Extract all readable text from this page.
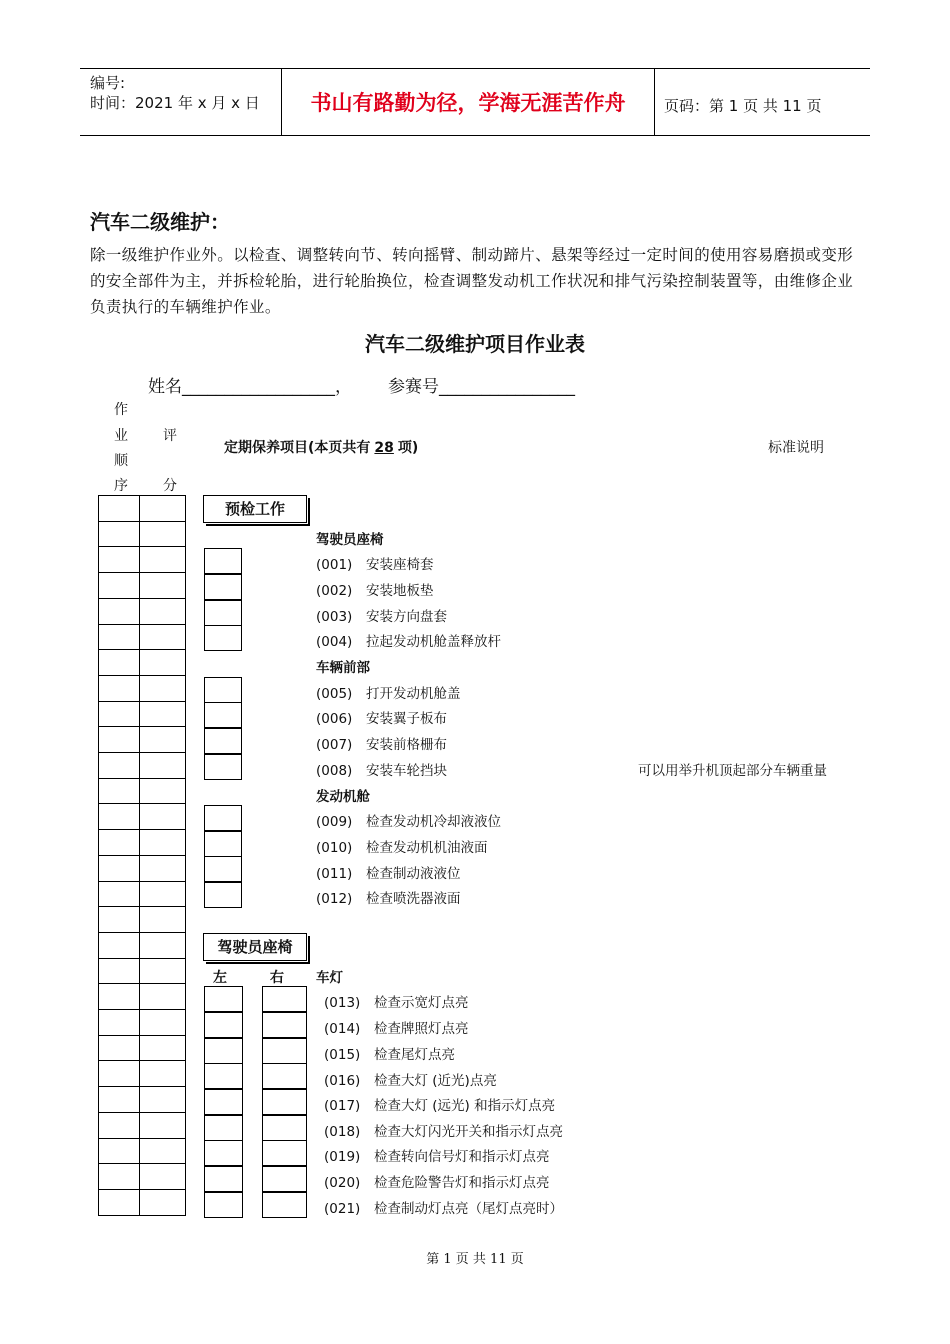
编号:
时间：2021 年 x 月 x 日	书山有路勤为径，学海无涯苦作舟	页码：第 1 页 共 11 页
汽车二级维护：
除一级维护作业外。以检查、调整转向节、转向摇臂、制动蹄片、悬架等经过一定时间的使用容易磨损或变形的安全部件为主，并拆检轮胎，进行轮胎换位，检查调整发动机工作状况和排气污染控制装置等，由维修企业负责执行的车辆维护作业。
汽车二级维护项目作业表
姓名__________________， 参赛号________________
作
业
顺
序
评
分
定期保养项目(本页共有 28 项)	标准说明
预检工作
驾驶员座椅
(001) 安装座椅套
(002) 安装地板垫
(003) 安装方向盘套
(004) 拉起发动机舱盖释放杆
车辆前部
(005) 打开发动机舱盖
(006) 安装翼子板布
(007) 安装前格栅布
(008) 安装车轮挡块	可以用举升机顶起部分车辆重量
发动机舱
(009) 检查发动机冷却液液位
(010) 检查发动机机油液面
(011) 检查制动液液位
(012) 检查喷洗器液面
驾驶员座椅
左	右 车灯
(013) 检查示宽灯点亮
(014) 检查牌照灯点亮
(015) 检查尾灯点亮
(016) 检查大灯 (近光)点亮
(017) 检查大灯 (远光) 和指示灯点亮
(018) 检查大灯闪光开关和指示灯点亮
(019) 检查转向信号灯和指示灯点亮
(020) 检查危险警告灯和指示灯点亮
(021) 检查制动灯点亮（尾灯点亮时）
第 1 页 共 11 页
